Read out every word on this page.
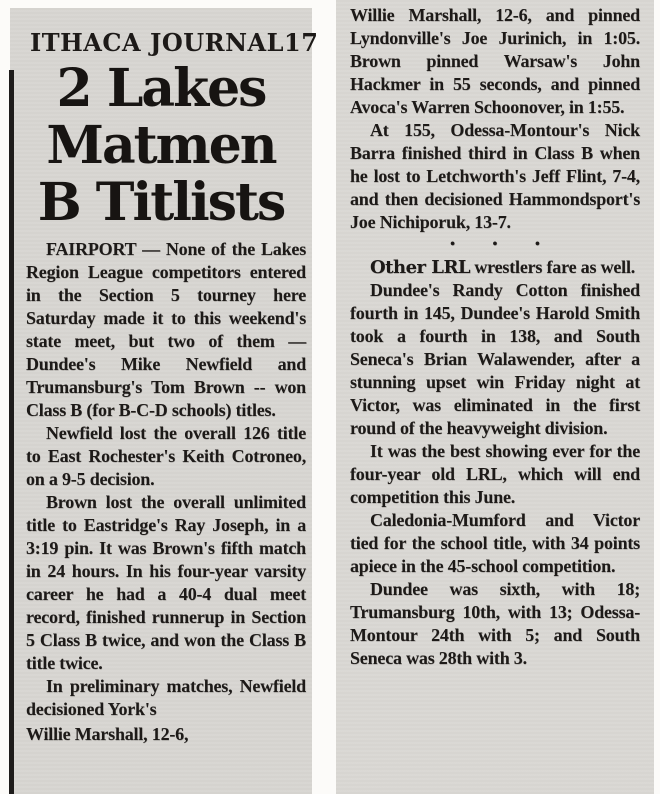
ITHACA JOURNAL 17
2 Lakes
Matmen
B Titlists

FAIRPORT — None of the Lakes Region League competitors entered in the Section 5 tourney here Saturday made it to this weekend's state meet, but two of them — Dundee's Mike Newfield and Trumansburg's Tom Brown -- won Class B (for B-C-D schools) titles.

Newfield lost the overall 126 title to East Rochester's Keith Cotroneo, on a 9-5 decision.

Brown lost the overall unlimited title to Eastridge's Ray Joseph, in a 3:19 pin. It was Brown's fifth match in 24 hours. In his four-year varsity career he had a 40-4 dual meet record, finished runnerup in Section 5 Class B twice, and won the Class B title twice.

In preliminary matches, Newfield decisioned York's

Willie Marshall, 12-6,

Willie Marshall, 12-6, and pinned Lyndonville's Joe Jurinich, in 1:05. Brown pinned Warsaw's John Hackmer in 55 seconds, and pinned Avoca's Warren Schoonover, in 1:55.

At 155, Odessa-Montour's Nick Barra finished third in Class B when he lost to Letchworth's Jeff Flint, 7-4, and then decisioned Hammondsport's Joe Nichiporuk, 13-7.

• • •

Other LRL wrestlers fare as well.

Dundee's Randy Cotton finished fourth in 145, Dundee's Harold Smith took a fourth in 138, and South Seneca's Brian Walawender, after a stunning upset win Friday night at Victor, was eliminated in the first round of the heavyweight division.

It was the best showing ever for the four-year old LRL, which will end competition this June.

Caledonia-Mumford and Victor tied for the school title, with 34 points apiece in the 45-school competition.

Dundee was sixth, with 18; Trumansburg 10th, with 13; Odessa-Montour 24th with 5; and South Seneca was 28th with 3.
